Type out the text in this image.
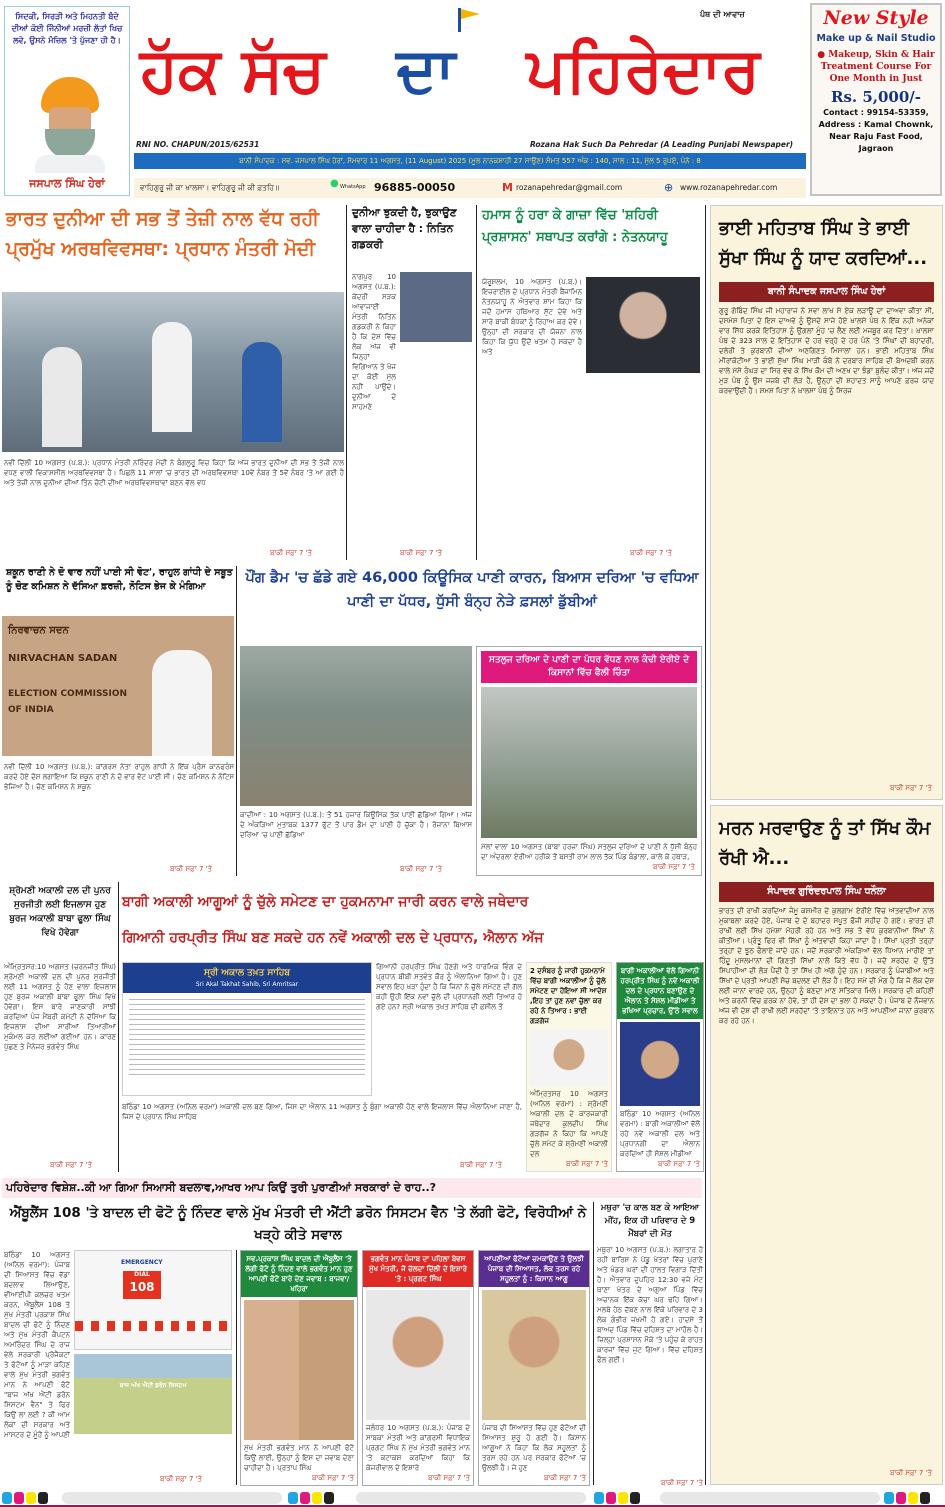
ਸਿਦਕੀ, ਸਿਰੜੀ ਅਤੇ ਮਿਹਨਤੀ ਬੰਦੇ ਦੀਆਂ ਕੋਈ ਜਿੰਨੀਆਂ ਮਰਜ਼ੀ ਲੱਤਾਂ ਖਿਚ ਲਵੇ, ਉਸਨੇ ਮੰਜ਼ਿਲ 'ਤੇ ਪੁੱਜਣਾ ਹੀ ਹੈ।
ਜਸਪਾਲ ਸਿੰਘ ਹੇਰਾਂ
ਪੰਥ ਦੀ ਆਵਾਜ਼
ਹੱਕ ਸੱਚ ਦਾ ਪਹਿਰੇਦਾਰ
RNI NO. CHAPUN/2015/62531	Rozana Hak Such Da Pehredar (A Leading Punjabi Newspaper)
ਬਾਨੀ ਸੰਪਾਦਕ : ਸਵ. ਜਸਪਾਲ ਸਿੰਘ ਹੇਰਾਂ, ਸੋਮਵਾਰ 11 ਅਗਸਤ, (11 August) 2025 (ਮੂਲ ਨਾਨਕਸ਼ਾਹੀ 27 ਸਾਉਣ) ਸੰਮਤ 557 ਅੰਕ : 140, ਸਾਲ : 11, ਮੁੱਲ 5 ਰੁਪਏ, ਪੰਨੇ : 8
ਵਾਹਿਗੁਰੂ ਜੀ ਕਾ ਖਾਲਸਾ। ਵਾਹਿਗੁਰੂ ਜੀ ਕੀ ਫ਼ਤਹਿ॥	● WhatsApp 96885-00050	M rozanapehredar@gmail.com	⊕ www.rozanapehredar.com
New Style
Make up & Nail Studio
● Makeup, Skin & Hair Treatment Course For One Month in Just
Rs. 5,000/-
Contact : 99154-53359,
Address : Kamal Chownk,
Near Raju Fast Food, Jagraon
ਭਾਰਤ ਦੁਨੀਆ ਦੀ ਸਭ ਤੋਂ ਤੇਜ਼ੀ ਨਾਲ ਵੱਧ ਰਹੀ ਪ੍ਰਮੁੱਖ ਅਰਥਵਿਵਸਥਾ: ਪ੍ਰਧਾਨ ਮੰਤਰੀ ਮੋਦੀ
ਨਵੀਂ ਦਿੱਲੀ 10 ਅਗਸਤ (ਪ.ਬ.): ਪ੍ਰਧਾਨ ਮੰਤਰੀ ਨਰਿੰਦਰ ਮੋਦੀ ਨੇ ਬੰਗਲੁਰੂ ਵਿਚ ਕਿਹਾ ਕਿ ਅੱਜ ਭਾਰਤ ਦੁਨੀਆ ਦੀ ਸਭ ਤੋਂ ਤੇਜ਼ੀ ਨਾਲ ਵਧਣ ਵਾਲੀ ਵਿਕਾਸਸ਼ੀਲ ਅਰਥਵਿਵਸਥਾ ਹੈ। ਪਿਛਲੇ 11 ਸਾਲਾਂ 'ਚ ਭਾਰਤ ਦੀ ਅਰਥਵਿਵਸਥਾ 10ਵੇਂ ਨੰਬਰ ਤੋਂ 5ਵੇਂ ਨੰਬਰ 'ਤੇ ਆ ਗਈ ਹੈ ਅਤੇ ਤੇਜ਼ੀ ਨਾਲ ਦੁਨੀਆ ਦੀਆਂ ਤਿੰਨ ਚੋਟੀ ਦੀਆਂ ਅਰਥਵਿਵਸਥਾਵਾਂ ਬਣਨ ਵੱਲ ਵਧ
ਬਾਕੀ ਸਫ਼ਾ 7 'ਤੇ
ਦੁਨੀਆ ਝੁਕਦੀ ਹੈ, ਝੁਕਾਉਣ ਵਾਲਾ ਚਾਹੀਦਾ ਹੈ : ਨਿਤਿਨ ਗਡਕਰੀ
ਨਾਗਪੁਰ 10 ਅਗਸਤ (ਪ.ਬ.): ਕੇਂਦਰੀ ਸੜਕ ਆਵਾਜਾਈ ਮੰਤਰੀ ਨਿਤਿਨ ਗਡਕਰੀ ਨੇ ਕਿਹਾ ਹੈ ਕਿ ਦੇਸ਼ ਵਿੱਚ ਲੋਕ ਅੱਜ ਵੀ ਜਿਨ੍ਹਾਂ ਵਿਗਿਆਨ ਤੇ ਖੋਜ ਦਾ ਕੋਈ ਮੁੱਲ ਨਹੀਂ ਪਾਉਂਦੇ। ਦੁਨੀਆ ਦੇ ਸਾਹਮਣੇ
ਬਾਕੀ ਸਫ਼ਾ 7 'ਤੇ
ਹਮਾਸ ਨੂੰ ਹਰਾ ਕੇ ਗਾਜ਼ਾ ਵਿੱਚ 'ਸ਼ਹਿਰੀ ਪ੍ਰਸ਼ਾਸਨ' ਸਥਾਪਤ ਕਰਾਂਗੇ : ਨੇਤਨਯਾਹੂ
ਯੇਰੂਸ਼ਲਮ, 10 ਅਗਸਤ (ਪ.ਬ.)। ਇਜ਼ਰਾਈਲ ਦੇ ਪ੍ਰਧਾਨ ਮੰਤਰੀ ਬੈਂਜਾਮਿਨ ਨੇਤਨਯਾਹੂ ਨੇ ਐਤਵਾਰ ਸ਼ਾਮ ਕਿਹਾ ਕਿ ਜਦੋਂ ਹਮਾਸ ਹਥਿਆਰ ਸੁੱਟ ਦੇਵੇ ਅਤੇ ਸਾਰੇ ਬਾਕੀ ਬੰਧਕਾਂ ਨੂੰ ਰਿਹਾਅ ਕਰ ਦੇਵੇ। ਉਨ੍ਹਾਂ ਦੀ ਸਰਕਾਰ ਦੀ ਯੋਜਨਾ ਨਾਲ ਕਿਹਾ ਕਿ ਯੁੱਧ ਉਦੋਂ ਖਤਮ ਹੋ ਸਕਦਾ ਹੈ ਅਤੇ
ਬਾਕੀ ਸਫ਼ਾ 7 'ਤੇ
ਭਾਈ ਮਹਿਤਾਬ ਸਿੰਘ ਤੇ ਭਾਈ ਸੁੱਖਾ ਸਿੰਘ ਨੂੰ ਯਾਦ ਕਰਦਿਆਂ...
ਬਾਨੀ ਸੰਪਾਦਕ ਜਸਪਾਲ ਸਿੰਘ ਹੇਰਾਂ
ਗੁਰੂ ਗੋਬਿੰਦ ਸਿੰਘ ਜੀ ਮਹਾਰਾਜ ਨੇ ਸਵਾ ਲਾਖ ਸੇ ਏਕ ਲੜਾਊਂ ਦਾ ਦਾਅਵਾ ਕੀਤਾ ਸੀ, ਦਸਮੇਸ਼ ਪਿਤਾ ਦੇ ਇਸ ਦਾਅਵੇ ਨੂੰ ਉਸਦੇ ਸਾਜੇ ਹੋਏ ਖ਼ਾਲਸੇ ਪੰਥ ਨੇ ਇੱਕ ਨਹੀਂ ਅਨੇਕਾਂ ਵਾਰ ਸਿੱਧ ਕਰਕੇ ਇਤਿਹਾਸ ਨੂੰ ਉਂਗਲਾਂ ਮੂੰਹ 'ਚ ਲੈਣ ਲਈ ਮਜਬੂਰ ਕਰ ਦਿੱਤਾ। ਖ਼ਾਲਸਾ ਪੰਥ ਦੇ 323 ਸਾਲ ਦੇ ਇਤਿਹਾਸ ਦੇ ਹਰ ਵਰ੍ਹੇ ਦੇ ਹਰ ਪੰਨੇ 'ਤੇ ਸਿੰਘਾਂ ਦੀ ਬਹਾਦਰੀ, ਦਲੇਰੀ ਤੇ ਕੁਰਬਾਨੀ ਦੀਆਂ ਅਣਗਿਣਤ ਮਿਸਾਲਾਂ ਹਨ। ਭਾਈ ਮਹਿਤਾਬ ਸਿੰਘ ਮੀਰਾਂਕੋਟੀਆ ਤੇ ਭਾਈ ਸੁੱਖਾ ਸਿੰਘ ਮਾੜੀ ਕੰਬੋ ਨੇ ਦਰਬਾਰ ਸਾਹਿਬ ਦੀ ਬੇਅਦਬੀ ਕਰਨ ਵਾਲੇ ਮੱਸੇ ਰੰਘੜ ਦਾ ਸਿਰ ਵੱਢ ਕੇ ਸਿੱਖ ਕੌਮ ਦੀ ਅਣਖ ਦਾ ਝੰਡਾ ਬੁਲੰਦ ਕੀਤਾ। ਅੱਜ ਜਦੋਂ ਮੁੜ ਪੰਥ ਨੂੰ ਉਸ ਜਜ਼ਬੇ ਦੀ ਲੋੜ ਹੈ, ਉਨ੍ਹਾਂ ਦੀ ਸ਼ਹਾਦਤ ਸਾਨੂੰ ਆਪਣੇ ਫ਼ਰਜ਼ ਯਾਦ ਕਰਵਾਉਂਦੀ ਹੈ। ਸ਼ਮਸ਼ ਪਿਤਾ ਨੇ ਖ਼ਾਲਸਾ ਪੰਥ ਨੂੰ ਸਿਰਜ
ਬਾਕੀ ਸਫ਼ਾ 7 'ਤੇ
ਸ਼ਕੂਨ ਰਾਣੀ ਨੇ ਦੋ ਵਾਰ ਨਹੀਂ ਪਾਈ ਸੀ ਵੋਟ', ਰਾਹੁਲ ਗਾਂਧੀ ਦੇ ਸਬੂਤ ਨੂੰ ਚੋਣ ਕਮਿਸ਼ਨ ਨੇ ਦੱਸਿਆ ਫ਼ਰਜ਼ੀ, ਨੋਟਿਸ ਭੇਜ ਕੇ ਮੰਗਿਆ
ਨਿਰਵਾਚਨ ਸਦਨ
NIRVACHAN SADAN
ELECTION COMMISSION OF INDIA
ਨਵੀਂ ਦਿੱਲੀ 10 ਅਗਸਤ (ਪ.ਬ.): ਕਾਂਗਰਸ ਨੇਤਾ ਰਾਹੁਲ ਗਾਂਧੀ ਨੇ ਇੱਕ ਪ੍ਰੈਸ ਕਾਨਫਰੰਸ ਕਰਦੇ ਹੋਏ ਦੋਸ਼ ਲਗਾਇਆ ਕਿ ਸ਼ਕੂਨ ਰਾਣੀ ਨੇ ਦੋ ਵਾਰ ਵੋਟ ਪਾਈ ਸੀ। ਚੋਣ ਕਮਿਸ਼ਨ ਨੇ ਨੋਟਿਸ ਭੇਜਿਆ ਹੈ। ਚੋਣ ਕਮਿਸ਼ਨ ਨੇ ਸ਼ਕੂਨ
ਬਾਕੀ ਸਫ਼ਾ 7 'ਤੇ
ਪੌਂਗ ਡੈਮ 'ਚ ਛੱਡੇ ਗਏ 46,000 ਕਿਊਸਿਕ ਪਾਣੀ ਕਾਰਨ, ਬਿਆਸ ਦਰਿਆ 'ਚ ਵਧਿਆ ਪਾਣੀ ਦਾ ਪੱਧਰ, ਧੁੱਸੀ ਬੰਨ੍ਹ ਨੇੜੇ ਫ਼ਸਲਾਂ ਡੁੱਬੀਆਂ
ਕਾਦੀਆਂ : 10 ਅਗਸਤ (ਪ.ਬ.): ਤੋਂ 51 ਹਜ਼ਾਰ ਕਿਊਸਿਕ ਤੱਕ ਪਾਣੀ ਛੱਡਿਆ ਗਿਆ। ਅੱਜ ਦੇ ਅੰਕੜਿਆਂ ਮੁਤਾਬਕ 1377 ਫੁੱਟ ਤੋਂ ਪਾਰ ਡੈਮ ਦਾ ਪਾਣੀ ਹੋ ਚੁੱਕਾ ਹੈ। ਰੋਜ਼ਾਨਾ ਬਿਆਸ ਦਰਿਆ 'ਚ ਪਾਣੀ ਛੱਡਿਆ
ਬਾਕੀ ਸਫ਼ਾ 7 'ਤੇ
ਸਤਲੁਜ ਦਰਿਆ ਦੇ ਪਾਣੀ ਦਾ ਪੱਧਰ ਵੱਧਣ ਨਾਲ ਕੰਢੀ ਏਰੀਏ ਦੇ ਕਿਸਾਨਾਂ ਵਿੱਚ ਫੈਲੀ ਚਿੰਤਾ
ਮੱਲਾਂ ਵਾਲਾ 10 ਅਗਸਤ (ਬਾਬਾ ਹਰਜ਼ਾ ਸਿੰਘ) ਸਤਲੁਜ ਦਰਿਆ ਦੇ ਪਾਣੀ ਨੇ ਧੁੱਸੀ ਬੰਨ੍ਹ ਦਾ ਅੰਦਰਲਾ ਏਰੀਆ ਹਰੀਕੇ ਤੋਂ ਬਸਤੀ ਰਾਮ ਲਾਲ ਤੱਕ ਪਿੰਡ ਬੰਡਾਲਾ, ਕਾਲੇ ਕੇ ਹਥਾੜ,
ਬਾਕੀ ਸਫ਼ਾ 7 'ਤੇ
ਮਰਨ ਮਰਵਾਉਣ ਨੂੰ ਤਾਂ ਸਿੱਖ ਕੌਮ ਰੱਖੀ ਐ...
ਸੰਪਾਦਕ ਗੁਰਿੰਦਰਪਾਲ ਸਿੰਘ ਧਨੌਲਾ
ਭਾਰਤ ਦੀ ਰਾਖੀ ਕਰਦਿਆਂ ਜੰਮੂ ਕਸ਼ਮੀਰ ਦੇ ਕੁਲਗਾਮ ਏਰੀਏ ਵਿੱਚ ਅੱਤਵਾਦੀਆਂ ਨਾਲ ਮੁਕਾਬਲਾ ਕਰਦੇ ਹੋਏ, ਪੰਜਾਬ ਦੇ ਦੋ ਬਹਾਦਰ ਸਪੂਤ ਫੌਜੀ ਸ਼ਹੀਦ ਹੋ ਗਏ। ਭਾਰਤ ਦੀ ਰਾਖੀ ਲਈ ਸਿੱਖ ਹਮੇਸ਼ਾ ਮੋਹਰੀ ਰਹੇ ਹਨ ਅਤੇ ਸਭ ਤੋਂ ਵੱਧ ਕੁਰਬਾਨੀਆਂ ਸਿੱਖਾਂ ਨੇ ਕੀਤੀਆਂ। ਪ੍ਰੰਤੂ ਫਿਰ ਵੀ ਸਿੱਖਾਂ ਨੂੰ ਅੱਤਵਾਦੀ ਕਿਹਾ ਜਾਂਦਾ ਹੈ। ਸਿੱਖਾਂ ਪ੍ਰਤੀ ਤਰ੍ਹਾਂ ਤਰ੍ਹਾਂ ਦੇ ਝੂਠ ਫੈਲਾਏ ਜਾਂਦੇ ਹਨ। ਜਦੋਂ ਸਰਕਾਰੀ ਅੰਕੜਿਆਂ ਵੱਲ ਧਿਆਨ ਮਾਰੀਏ ਤਾਂ ਹਿੰਦੂ ਮੁਸਲਮਾਨਾਂ ਦੀ ਗਿਣਤੀ ਸਿੱਖਾਂ ਨਾਲੋਂ ਕਿਤੇ ਵੱਧ ਹੈ। ਜਦੋਂ ਸਰਹੱਦ ਦੇ ਉੱਤੇ ਸਿਪਾਹੀਆਂ ਦੀ ਲੋੜ ਪੈਂਦੀ ਹੈ ਤਾਂ ਸਿੱਖ ਹੀ ਅੱਗੇ ਹੁੰਦੇ ਹਨ। ਸਰਕਾਰ ਨੂੰ ਪੰਜਾਬੀਆਂ ਅਤੇ ਸਿੱਖਾਂ ਦੇ ਪ੍ਰਤੀ ਆਪਣੀ ਸੋਚ ਬਦਲਣ ਦੀ ਲੋੜ ਹੈ। ਇਹ ਸਮੇਂ ਦੀ ਮੰਗ ਹੈ ਕਿ ਜੋ ਲੋਕ ਦੇਸ਼ ਲਈ ਜਾਨਾਂ ਵਾਰਦੇ ਹਨ, ਉਨ੍ਹਾਂ ਨੂੰ ਬਣਦਾ ਮਾਣ ਸਤਿਕਾਰ ਮਿਲੇ। ਸਰਕਾਰ ਦੀ ਕਹਿਣੀ ਅਤੇ ਕਰਨੀ ਵਿੱਚ ਫ਼ਰਕ ਨਾ ਹੋਵੇ, ਤਾਂ ਹੀ ਦੇਸ਼ ਦਾ ਭਲਾ ਹੋ ਸਕਦਾ ਹੈ। ਪੰਜਾਬ ਦੇ ਨੌਜਵਾਨ ਅੱਜ ਵੀ ਦੇਸ਼ ਦੀ ਰਾਖੀ ਲਈ ਸਰਹੱਦਾਂ 'ਤੇ ਤਾਇਨਾਤ ਹਨ ਅਤੇ ਆਪਣੀਆਂ ਜਾਨਾਂ ਕੁਰਬਾਨ ਕਰ ਰਹੇ ਹਨ।
ਬਾਕੀ ਸਫ਼ਾ 7 'ਤੇ
ਸ਼੍ਰੋਮਣੀ ਅਕਾਲੀ ਦਲ ਦੀ ਪੁਨਰ ਸੁਰਜੀਤੀ ਲਈ ਇਜਲਾਸ ਹੁਣ ਬੁਰਜ ਅਕਾਲੀ ਬਾਬਾ ਫੂਲਾ ਸਿੰਘ ਵਿਖੇ ਹੋਵੇਗਾ
ਅੰਮ੍ਰਿਤਸਰ:10 ਅਗਸਤ (ਚਰਨਜੀਤ ਸਿੰਘ) ਸ਼੍ਰੋਮਣੀ ਅਕਾਲੀ ਦਲ ਦੀ ਪੁਨਰ ਸੁਰਜੀਤੀ ਲਈ 11 ਅਗਸਤ ਨੂੰ ਹੋਣ ਵਾਲਾ ਇਜਲਾਸ ਹੁਣ ਬੁਰਜ ਅਕਾਲੀ ਬਾਬਾ ਫੂਲਾ ਸਿੰਘ ਵਿਖੇ ਹੋਵੇਗਾ। ਇਸ ਬਾਰੇ ਜਾਣਕਾਰੀ ਸਾਂਝੀ ਕਰਦਿਆਂ ਪੰਜ ਮੈਂਬਰੀ ਕਮੇਟੀ ਨੇ ਦੱਸਿਆ ਕਿ ਇਜਲਾਸ ਦੀਆਂ ਸਾਰੀਆਂ ਤਿਆਰੀਆਂ ਮੁਕੰਮਲ ਕਰ ਲਈਆਂ ਗਈਆਂ ਹਨ। ਕਾਰਣ ਪੁੱਛਣ ਤੇ ਮੈਨੇਜਰ ਭਗਵੰਤ ਸਿੰਘ
ਬਾਕੀ ਸਫ਼ਾ 7 'ਤੇ
ਬਾਗੀ ਅਕਾਲੀ ਆਗੂਆਂ ਨੂੰ ਚੁੱਲੇ ਸਮੇਟਣ ਦਾ ਹੁਕਮਨਾਮਾ ਜਾਰੀ ਕਰਨ ਵਾਲੇ ਜਥੇਦਾਰ
ਗਿਆਨੀ ਹਰਪ੍ਰੀਤ ਸਿੰਘ ਬਣ ਸਕਦੇ ਹਨ ਨਵੇਂ ਅਕਾਲੀ ਦਲ ਦੇ ਪ੍ਰਧਾਨ, ਐਲਾਨ ਅੱਜ
ਸ੍ਰੀ ਅਕਾਲ ਤਖ਼ਤ ਸਾਹਿਬ
Sri Akal Takhat Sahib, Sri Amritsar
ਗਿਆਨੀ ਹਰਪ੍ਰੀਤ ਸਿੰਘ ਹੋਣਗੇ ਅਤੇ ਧਾਰਮਿਕ ਵਿੰਗ ਦੇ ਪ੍ਰਧਾਨ ਬੀਬੀ ਸਤਵੰਤ ਕੌਰ ਨੂੰ ਐਲਾਨਿਆ ਗਿਆ ਹੈ। ਹੁਣ ਸਵਾਲ ਇਹ ਖੜਾ ਹੁੰਦਾ ਹੈ ਕਿ ਜਿਨਾਂ ਨੇ ਚੁੱਲੇ ਸਮੇਟਣ ਦੀ ਗੱਲ ਕਹੀ ਉਹੀ ਇੱਕ ਨਵਾਂ ਚੁੱਲੇ ਦੀ ਪ੍ਰਧਾਨਗੀ ਲਈ ਤਿਆਰ ਹੋ ਗਏ ਹਨ? ਸ੍ਰੀ ਅਕਾਲ ਤਖਤ ਸਾਹਿਬ ਦੀ ਫ਼ਸੀਲ ਤੋਂ
ਬਠਿੰਡਾ 10 ਅਗਸਤ (ਅਨਿਲ ਵਰਮਾ) ਅਕਾਲੀ ਦਲ ਬਣ ਗਿਆ, ਜਿਸ ਦਾ ਐਲਾਨ 11 ਅਗਸਤ ਨੂੰ ਬੁੰਗਾ ਅਕਾਲੀ ਹੋਣ ਵਾਲੇ ਇਜਲਾਸ ਵਿੱਚ ਐਲਾਨਿਆ ਜਾਣਾ ਹੈ, ਜਿਸ ਦੇ ਪ੍ਰਧਾਨ ਸਿੰਘ ਸਾਹਿਬ
ਬਾਕੀ ਸਫ਼ਾ 7 'ਤੇ
2 ਦਸੰਬਰ ਨੂੰ ਜਾਰੀ ਹੁਕਮਨਾਮੇ ਵਿੱਚ ਬਾਗੀ ਅਕਾਲੀਆਂ ਨੂੰ ਚੁੱਲੇ ਸਮੇਟਣ ਦਾ ਹੋਇਆ ਸੀ ਆਦੇਸ਼ ,ਇਹ ਤਾਂ ਹੁਣ ਨਵਾਂ ਚੁੱਲਾ ਕਰ ਰਹੇ ਨੇ ਤਿਆਰ : ਭਾਈ ਗੜਗੱਜ
ਅੰਮ੍ਰਿਤਸਰ 10 ਅਗਸਤ (ਅਨਿਲ ਵਰਮਾ) : ਸ਼੍ਰੋਮਣੀ ਅਕਾਲੀ ਦਲ ਦੇ ਕਾਰਜਕਾਰੀ ਜਥੇਦਾਰ ਕੁਲਦੀਪ ਸਿੰਘ ਗੜਗੱਜ ਨੇ ਕਿਹਾ ਕਿ ਆਪਣੇ ਚੁੱਲੇ ਸਮੇਟ ਕੇ ਸ਼੍ਰੋਮਣੀ ਅਕਾਲੀ ਦਲ
ਬਾਕੀ ਸਫ਼ਾ 7 'ਤੇ
ਬਾਗੀ ਅਕਾਲੀਆਂ ਵੱਲੋਂ ਗਿਆਨੀ ਹਰਪ੍ਰੀਤ ਸਿੰਘ ਨੂੰ ਨਵੇਂ ਅਕਾਲੀ ਦਲ ਦੇ ਪ੍ਰਧਾਨ ਬਣਾਉਣ ਦੇ ਐਲਾਨ ਤੇ ਸੋਸ਼ਲ ਮੀਡੀਆ ਤੇ ਭਖਿਆ ਪ੍ਰਚਾਰ, ਉੱਠੇ ਸਵਾਲ
ਬਠਿੰਡਾ 10 ਅਗਸਤ (ਅਨਿਲ ਵਰਮਾ) : ਬਾਗੀ ਅਕਾਲੀਆਂ ਵੱਲੋਂ ਰਹੇ ਨਵੇਂ ਅਕਾਲੀ ਦਲ ਅਤੇ ਪ੍ਰਧਾਨਗੀ ਦਾ ਐਲਾਨ ਕਰਦਿਆਂ ਹੀ ਸੋਸ਼ਲ ਮੀਡੀਆ
ਬਾਕੀ ਸਫ਼ਾ 7 'ਤੇ
ਪਹਿਰੇਦਾਰ ਵਿਸ਼ੇਸ਼..ਕੀ ਆ ਗਿਆ ਸਿਆਸੀ ਬਦਲਾਵ,ਆਖਰ ਆਪ ਕਿਉਂ ਤੁਰੀ ਪੁਰਾਣੀਆਂ ਸਰਕਾਰਾਂ ਦੇ ਰਾਹ..?
ਐਂਬੂਲੈਂਸ 108 'ਤੇ ਬਾਦਲ ਦੀ ਫੋਟੋ ਨੂੰ ਨਿੰਦਣ ਵਾਲੇ ਮੁੱਖ ਮੰਤਰੀ ਦੀ ਐਂਟੀ ਡਰੋਨ ਸਿਸਟਮ ਵੈਨ 'ਤੇ ਲੱਗੀ ਫੋਟੋ, ਵਿਰੋਧੀਆਂ ਨੇ ਖੜ੍ਹੇ ਕੀਤੇ ਸਵਾਲ
ਬਠਿੰਡਾ 10 ਅਗਸਤ (ਅਨਿਲ ਵਰਮਾ): ਪੰਜਾਬ ਦੀ ਸਿਆਸਤ ਵਿੱਚ ਵੱਡਾ ਬਦਲਾਵ ਲਿਆਉਣ, ਵੀਆਈਪੀ ਕਲਚਰ ਖਤਮ ਕਰਨ, ਐਂਬੂਲੈਂਸ 108 ਤੇ ਮੁੱਖ ਮੰਤਰੀ ਪ੍ਰਕਾਸ਼ ਸਿੰਘ ਬਾਦਲ ਦੀ ਫੋਟੋ ਨੂੰ ਨਿੰਦਣ ਅਤੇ ਮੁੱਖ ਮੰਤਰੀ ਕੈਪਟਨ ਅਮਰਿੰਦਰ ਸਿੰਘ ਦੇ ਰਾਜ ਵੇਲੇ ਸਰਕਾਰੀ ਪ੍ਰੋਜੈਕਟਾਂ ਤੇ ਫੋਟੋਆਂ ਨੂੰ ਮਾੜਾ ਕਹਿਣ ਵਾਲੇ ਮੁੱਖ ਮੰਤਰੀ ਭਗਵੰਤ ਮਾਨ ਨੇ ਆਪਣੀ ਫੋਟੋ "ਬਾਜ ਅੱਖ ਐਂਟੀ ਡਰੋਨ ਸਿਸਟਮ ਵੈਨ" ਤੇ ਫਿਰ ਕਿਉਂ ਲਾ ਲਈ ? ਕੀ ਆਮ ਲੋਕਾਂ ਦੀ ਸਰਕਾਰ ਅਤੇ ਮਾਸਟਰ ਦੇ ਮੂੰਹੋਂ ਨੂੰ ਆਪਣੀ
EMERGENCY
DIAL
108
ਬਾਜ ਅੱਖ ਐਂਟੀ ਡਰੋਨ ਸਿਸਟਮ
ਬਾਕੀ ਸਫ਼ਾ 7 'ਤੇ
ਸਵ.ਪ੍ਰਕਾਸ਼ ਸਿੰਘ ਬਾਦਲ ਦੀ ਐਂਬੂਲੈਂਸ 'ਤੇ ਲੱਗੀ ਫੋਟੋ ਨੂੰ ਨਿੰਦਣ ਵਾਲੇ ਭਗਵੰਤ ਮਾਨ ਹੁਣ ਆਪਣੀ ਫੋਟੋ ਬਾਰੇ ਦੇਣ ਜਵਾਬ : ਬਾਜਵਾ/ਖਹਿਰਾ
ਮੁੱਖ ਮੰਤਰੀ ਭਗਵੰਤ ਮਾਨ ਨੇ ਆਪਣੀ ਫੋਟੋ ਕਿਉਂ ਲਾਈ, ਉਨ੍ਹਾਂ ਨੂੰ ਇਸ ਦਾ ਜਵਾਬ ਦੇਣਾ ਚਾਹੀਦਾ ਹੈ। ਪ੍ਰਤਾਪ ਸਿੰਘ
ਬਾਕੀ ਸਫ਼ਾ 7 'ਤੇ
ਭਗਵੰਤ ਮਾਨ ਪੰਜਾਬ ਦਾ ਪਹਿਲਾ ਬੇਵਸ ਮੁੱਖ ਮੰਤਰੀ, ਜੋ ਚੱਲਦਾ ਦਿੱਲੀ ਦੇ ਇਸ਼ਾਰੇ 'ਤੇ : ਪ੍ਰਗਟ ਸਿੰਘ
ਜਲੰਧਰ 10 ਅਗਸਤ (ਪ.ਬ.): ਪੰਜਾਬ ਦੇ ਸਾਬਕਾ ਮੰਤਰੀ ਅਤੇ ਕਾਂਗਰਸੀ ਵਿਧਾਇਕ ਪ੍ਰਗਟ ਸਿੰਘ ਨੇ ਮੁੱਖ ਮੰਤਰੀ ਭਗਵੰਤ ਮਾਨ 'ਤੇ ਕਟਾਕਸ਼ ਕਰਦਿਆਂ ਕਿਹਾ ਕਿ ਕੇਜਰੀਵਾਲ ਦੇ ਇਸ਼ਾਰੇ
ਬਾਕੀ ਸਫ਼ਾ 7 'ਤੇ
ਆਪਣੀਆਂ ਫੋਟੋਆਂ ਚਮਕਾਉਣ ਤੇ ਉਲਝੀ ਪੰਜਾਬ ਦੀ ਸਿਆਸਤ, ਲੋਕ ਤਰਸ ਰਹੇ ਸਹੂਲਤਾਂ ਨੂੰ : ਕਿਸਾਨ ਆਗੂ
ਪੰਜਾਬ ਦੀ ਸਿਆਸਤ ਵਿੱਚ ਹੁਣ ਫੋਟੋਆਂ ਦੀ ਸਿਆਸਤ ਸ਼ੁਰੂ ਹੋ ਗਈ ਹੈ। ਕਿਸਾਨ ਆਗੂਆਂ ਨੇ ਕਿਹਾ ਕਿ ਲੋਕ ਸਹੂਲਤਾਂ ਨੂੰ ਤਰਸ ਰਹੇ ਹਨ ਪਰ ਸਰਕਾਰ ਫੋਟੋਆਂ 'ਚ ਉਲਝੀ ਹੈ। ਜੇ ਹੁਣ
ਬਾਕੀ ਸਫ਼ਾ 7 'ਤੇ
ਮਥੁਰਾ 'ਚ ਕਾਲ ਬਣ ਕੇ ਆਇਆ ਮੀਂਹ, ਇਕ ਹੀ ਪਰਿਵਾਰ ਦੇ 9 ਮੈਂਬਰਾਂ ਦੀ ਮੌਤ
ਮਥੁਰਾ 10 ਅਗਸਤ (ਪ.ਬ.): ਲਗਾਤਾਰ ਹੋ ਰਹੀ ਬਾਰਿਸ਼ ਨੇ ਪੇਂਡੂ ਖੇਤਰਾਂ ਵਿੱਚ ਪੁਰਾਣੇ ਅਤੇ ਖੰਡਰ ਘਰਾਂ ਦੀ ਹਾਲਤ ਵਿਗਾੜ ਦਿੱਤੀ ਹੈ। ਐਤਵਾਰ ਦੁਪਹਿਰ 12:30 ਵਜੇ ਮੰਟ ਥਾਣਾ ਖੇਤਰ ਦੇ ਅਗੁਆ ਪਿੰਡ ਵਿੱਚ ਅਚਾਨਕ ਇੱਕ ਕੱਚਾ ਘਰ ਢਹਿ ਗਿਆ। ਮਲਬੇ ਹੇਠ ਦੱਬਣ ਨਾਲ ਇੱਕੋ ਪਰਿਵਾਰ ਦੇ 3 ਲੋਕ ਗੰਭੀਰ ਜ਼ਖਮੀ ਹੋ ਗਏ। ਹਾਦਸੇ ਤੋਂ ਬਾਅਦ ਪਿੰਡ ਵਿੱਚ ਦਹਿਸ਼ਤ ਦਾ ਮਾਹੌਲ ਹੈ। ਜ਼ਿਲ੍ਹਾ ਪ੍ਰਸ਼ਾਸਨ ਮੌਕੇ 'ਤੇ ਪਹੁੰਚ ਕੇ ਰਾਹਤ ਕਾਰਜਾਂ ਵਿੱਚ ਜੁਟ ਗਿਆ। ਵਿੱਚ ਦਹਿਸ਼ਤ ਫੈਲ ਗਈ।
ਬਾਕੀ ਸਫ਼ਾ 7 'ਤੇ
